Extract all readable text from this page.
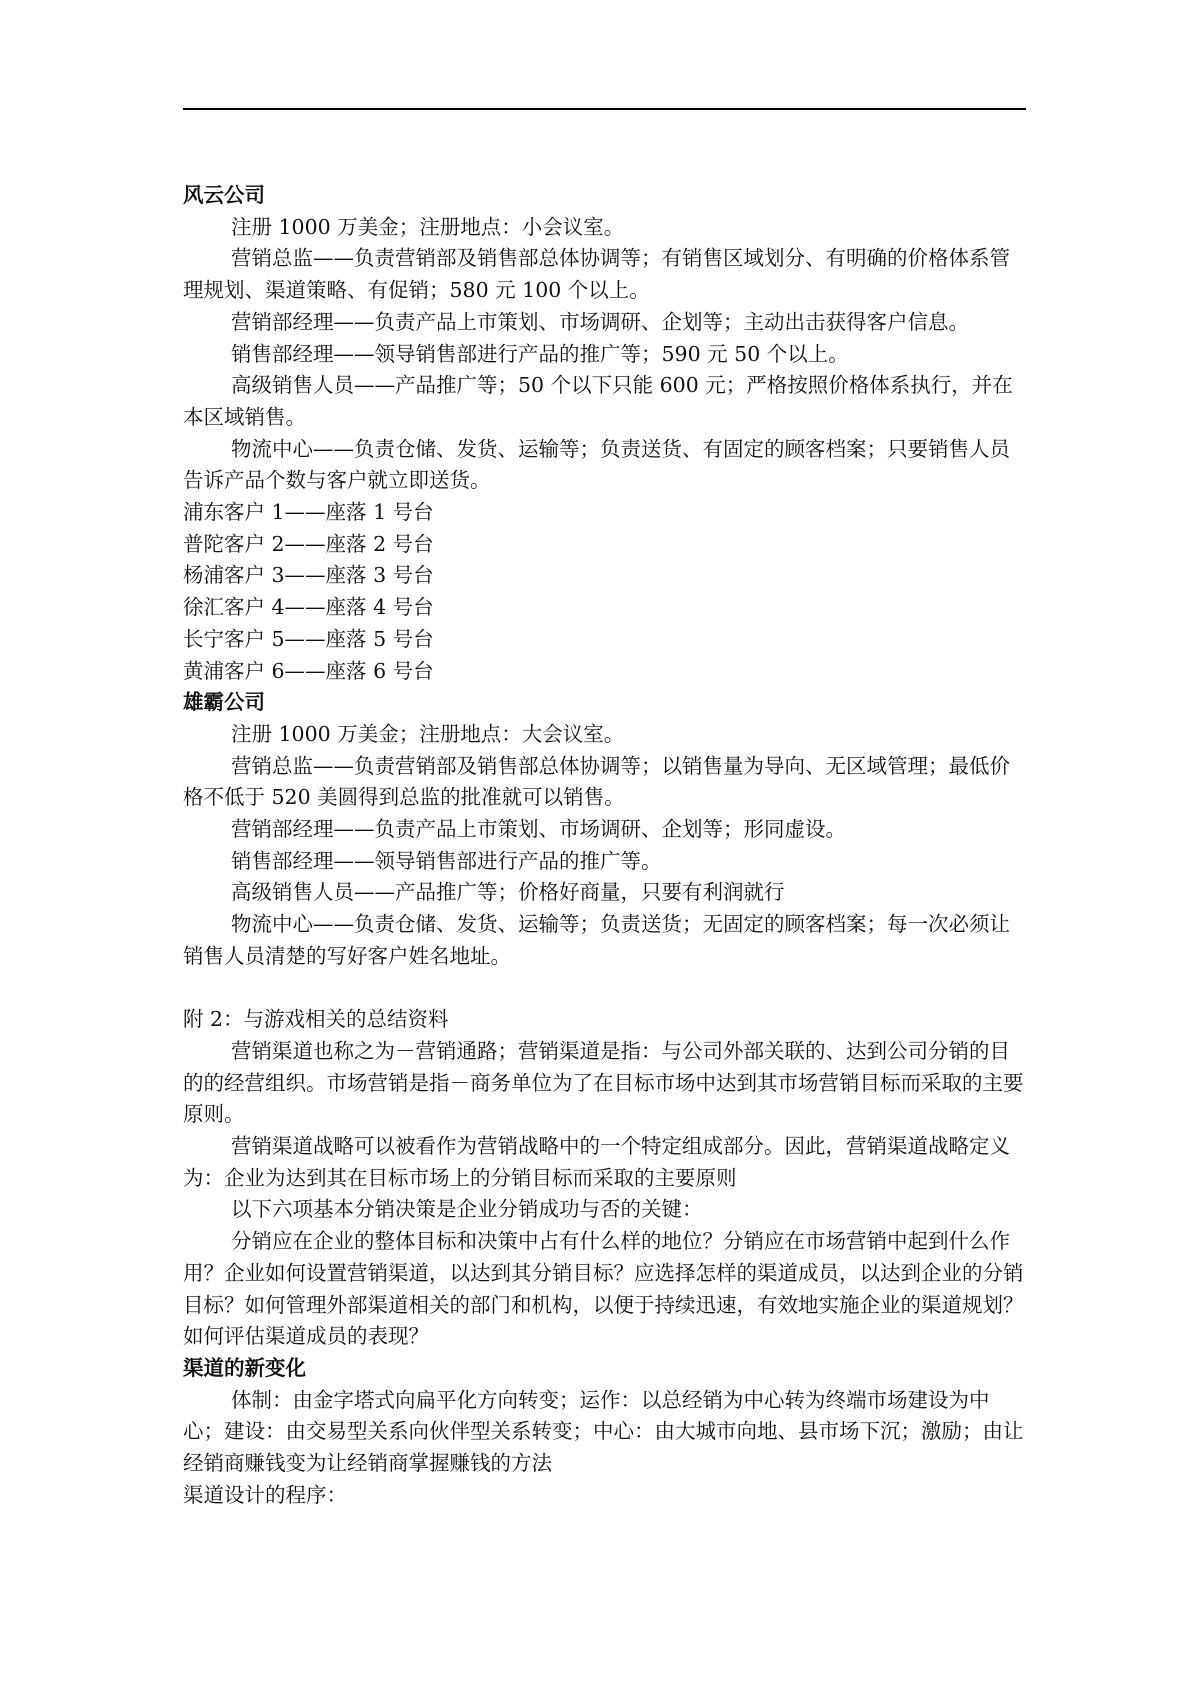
风云公司

注册 1000 万美金；注册地点：小会议室。

营销总监——负责营销部及销售部总体协调等；有销售区域划分、有明确的价格体系管理规划、渠道策略、有促销；580 元 100 个以上。

营销部经理——负责产品上市策划、市场调研、企划等；主动出击获得客户信息。

销售部经理——领导销售部进行产品的推广等；590 元 50 个以上。

高级销售人员——产品推广等；50 个以下只能 600 元；严格按照价格体系执行，并在本区域销售。

物流中心——负责仓储、发货、运输等；负责送货、有固定的顾客档案；只要销售人员告诉产品个数与客户就立即送货。

浦东客户 1——座落 1 号台

普陀客户 2——座落 2 号台

杨浦客户 3——座落 3 号台

徐汇客户 4——座落 4 号台

长宁客户 5——座落 5 号台

黄浦客户 6——座落 6 号台

雄霸公司

注册 1000 万美金；注册地点：大会议室。

营销总监——负责营销部及销售部总体协调等；以销售量为导向、无区域管理；最低价格不低于 520 美圆得到总监的批准就可以销售。

营销部经理——负责产品上市策划、市场调研、企划等；形同虚设。

销售部经理——领导销售部进行产品的推广等。

高级销售人员——产品推广等；价格好商量，只要有利润就行

物流中心——负责仓储、发货、运输等；负责送货；无固定的顾客档案；每一次必须让销售人员清楚的写好客户姓名地址。

附 2：与游戏相关的总结资料

营销渠道也称之为－营销通路；营销渠道是指：与公司外部关联的、达到公司分销的目的的经营组织。市场营销是指－商务单位为了在目标市场中达到其市场营销目标而采取的主要原则。

营销渠道战略可以被看作为营销战略中的一个特定组成部分。因此，营销渠道战略定义为：企业为达到其在目标市场上的分销目标而采取的主要原则

以下六项基本分销决策是企业分销成功与否的关键：

分销应在企业的整体目标和决策中占有什么样的地位？分销应在市场营销中起到什么作用？企业如何设置营销渠道，以达到其分销目标？应选择怎样的渠道成员，以达到企业的分销目标？如何管理外部渠道相关的部门和机构，以便于持续迅速，有效地实施企业的渠道规划？如何评估渠道成员的表现？

渠道的新变化

体制：由金字塔式向扁平化方向转变；运作：以总经销为中心转为终端市场建设为中心；建设：由交易型关系向伙伴型关系转变；中心：由大城市向地、县市场下沉；激励；由让经销商赚钱变为让经销商掌握赚钱的方法

渠道设计的程序：
